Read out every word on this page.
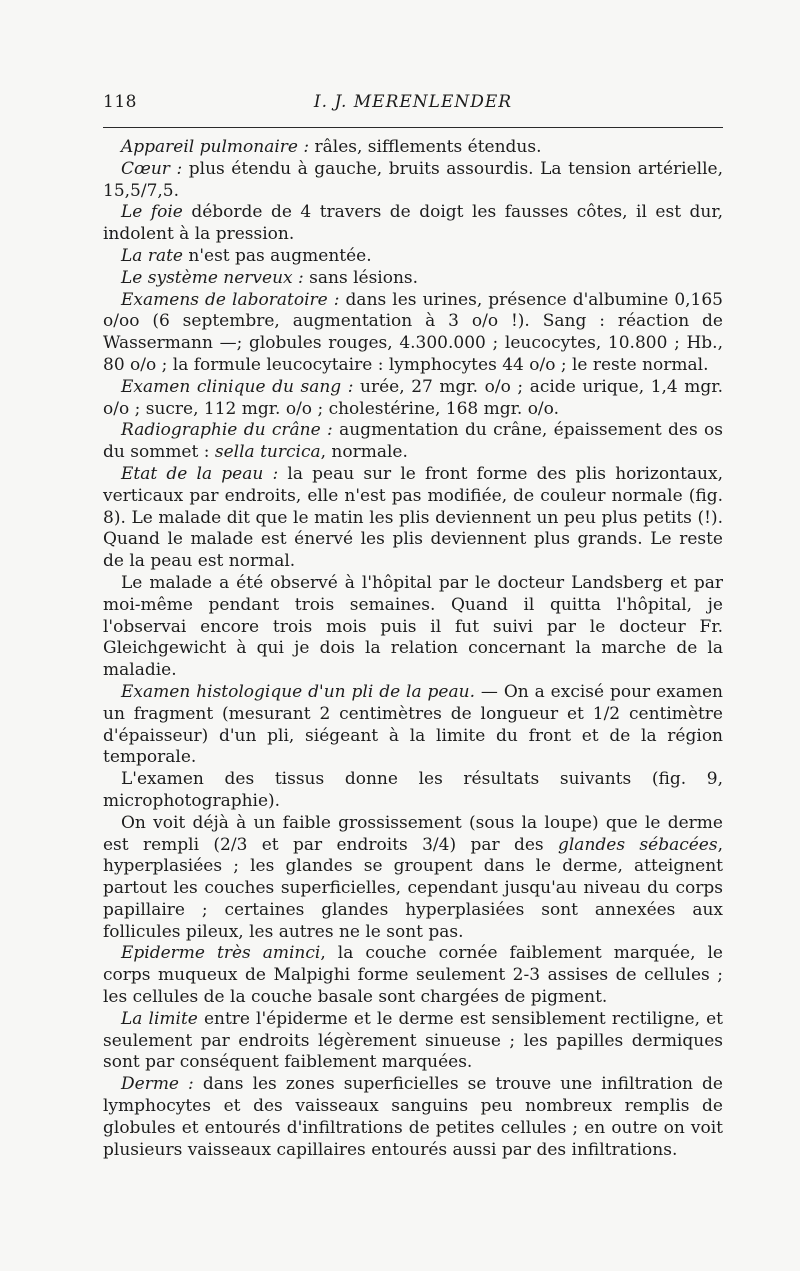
118	I. J. MERENLENDER

Appareil pulmonaire : râles, sifflements étendus.

Cœur : plus étendu à gauche, bruits assourdis. La tension artérielle, 15,5/7,5.

Le foie déborde de 4 travers de doigt les fausses côtes, il est dur, indolent à la pression.

La rate n'est pas augmentée.

Le système nerveux : sans lésions.

Examens de laboratoire : dans les urines, présence d'albumine 0,165 o/oo (6 septembre, augmentation à 3 o/o !). Sang : réaction de Wassermann —; globules rouges, 4.300.000 ; leucocytes, 10.800 ; Hb., 80 o/o ; la formule leucocytaire : lymphocytes 44 o/o ; le reste normal.

Examen clinique du sang : urée, 27 mgr. o/o ; acide urique, 1,4 mgr. o/o ; sucre, 112 mgr. o/o ; cholestérine, 168 mgr. o/o.

Radiographie du crâne : augmentation du crâne, épaissement des os du sommet : sella turcica, normale.

Etat de la peau : la peau sur le front forme des plis horizontaux, verticaux par endroits, elle n'est pas modifiée, de couleur normale (fig. 8). Le malade dit que le matin les plis deviennent un peu plus petits (!). Quand le malade est énervé les plis deviennent plus grands. Le reste de la peau est normal.

Le malade a été observé à l'hôpital par le docteur Landsberg et par moi-même pendant trois semaines. Quand il quitta l'hôpital, je l'observai encore trois mois puis il fut suivi par le docteur Fr. Gleichgewicht à qui je dois la relation concernant la marche de la maladie.

Examen histologique d'un pli de la peau. — On a excisé pour examen un fragment (mesurant 2 centimètres de longueur et 1/2 centimètre d'épaisseur) d'un pli, siégeant à la limite du front et de la région temporale.

L'examen des tissus donne les résultats suivants (fig. 9, microphotographie).

On voit déjà à un faible grossissement (sous la loupe) que le derme est rempli (2/3 et par endroits 3/4) par des glandes sébacées, hyperplasiées ; les glandes se groupent dans le derme, atteignent partout les couches superficielles, cependant jusqu'au niveau du corps papillaire ; certaines glandes hyperplasiées sont annexées aux follicules pileux, les autres ne le sont pas.

Epiderme très aminci, la couche cornée faiblement marquée, le corps muqueux de Malpighi forme seulement 2-3 assises de cellules ; les cellules de la couche basale sont chargées de pigment.

La limite entre l'épiderme et le derme est sensiblement rectiligne, et seulement par endroits légèrement sinueuse ; les papilles dermiques sont par conséquent faiblement marquées.

Derme : dans les zones superficielles se trouve une infiltration de lymphocytes et des vaisseaux sanguins peu nombreux remplis de globules et entourés d'infiltrations de petites cellules ; en outre on voit plusieurs vaisseaux capillaires entourés aussi par des infiltrations.
